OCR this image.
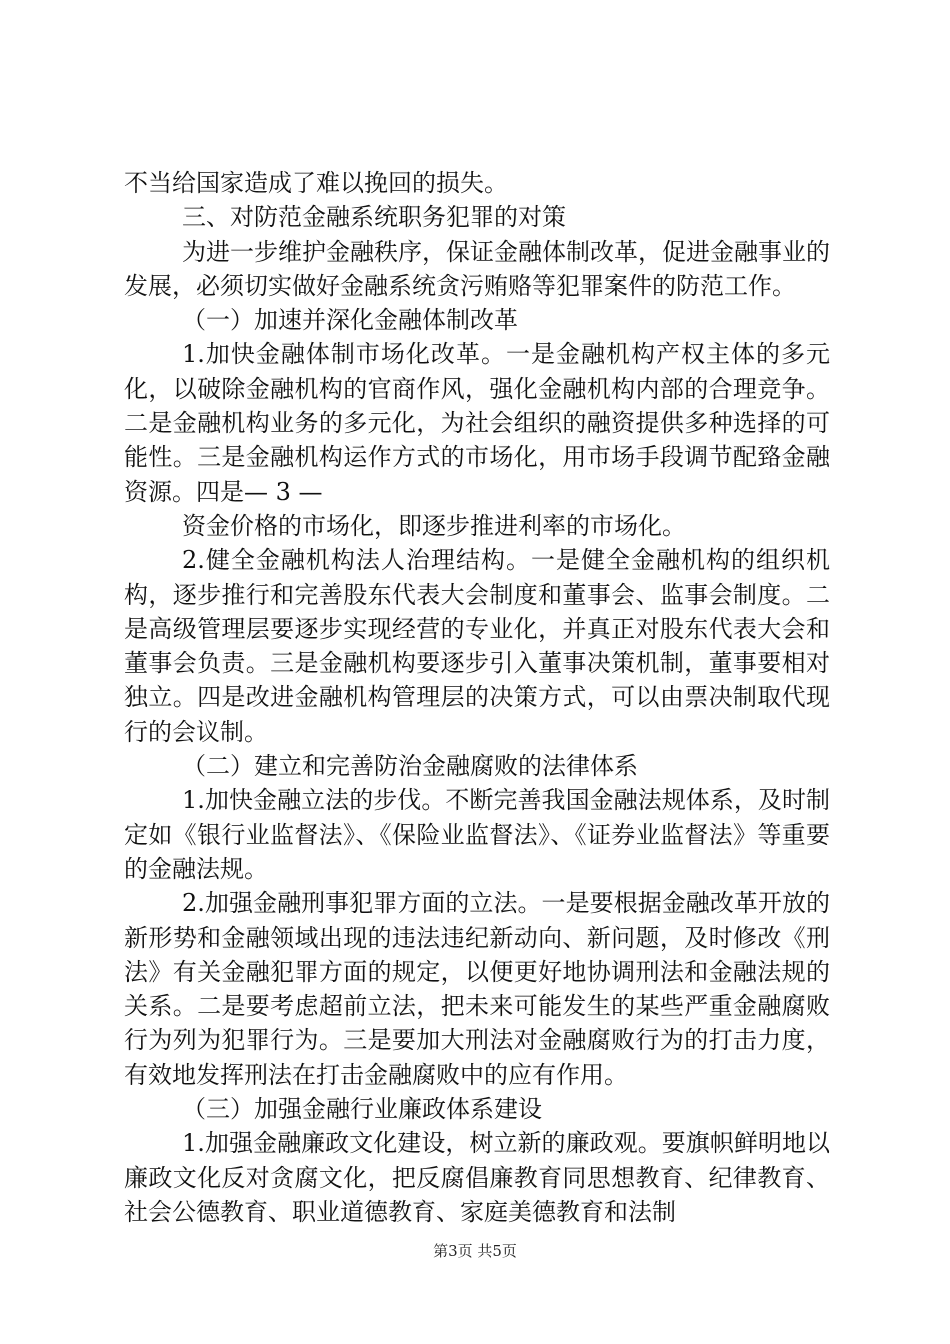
不当给国家造成了难以挽回的损失。

三、对防范金融系统职务犯罪的对策

为进一步维护金融秩序，保证金融体制改革，促进金融事业的发展，必须切实做好金融系统贪污贿赂等犯罪案件的防范工作。

（一）加速并深化金融体制改革

1.加快金融体制市场化改革。一是金融机构产权主体的多元化，以破除金融机构的官商作风，强化金融机构内部的合理竞争。二是金融机构业务的多元化，为社会组织的融资提供多种选择的可能性。三是金融机构运作方式的市场化，用市场手段调节配臵金融资源。四是— 3 —

资金价格的市场化，即逐步推进利率的市场化。

2.健全金融机构法人治理结构。一是健全金融机构的组织机构，逐步推行和完善股东代表大会制度和董事会、监事会制度。二是高级管理层要逐步实现经营的专业化，并真正对股东代表大会和董事会负责。三是金融机构要逐步引入董事决策机制，董事要相对独立。四是改进金融机构管理层的决策方式，可以由票决制取代现行的会议制。

（二）建立和完善防治金融腐败的法律体系

1.加快金融立法的步伐。不断完善我国金融法规体系，及时制定如《银行业监督法》、《保险业监督法》、《证券业监督法》等重要的金融法规。

2.加强金融刑事犯罪方面的立法。一是要根据金融改革开放的新形势和金融领域出现的违法违纪新动向、新问题，及时修改《刑法》有关金融犯罪方面的规定，以便更好地协调刑法和金融法规的关系。二是要考虑超前立法，把未来可能发生的某些严重金融腐败行为列为犯罪行为。三是要加大刑法对金融腐败行为的打击力度，有效地发挥刑法在打击金融腐败中的应有作用。

（三）加强金融行业廉政体系建设

1.加强金融廉政文化建设，树立新的廉政观。要旗帜鲜明地以廉政文化反对贪腐文化，把反腐倡廉教育同思想教育、纪律教育、社会公德教育、职业道德教育、家庭美德教育和法制

第3页 共5页
